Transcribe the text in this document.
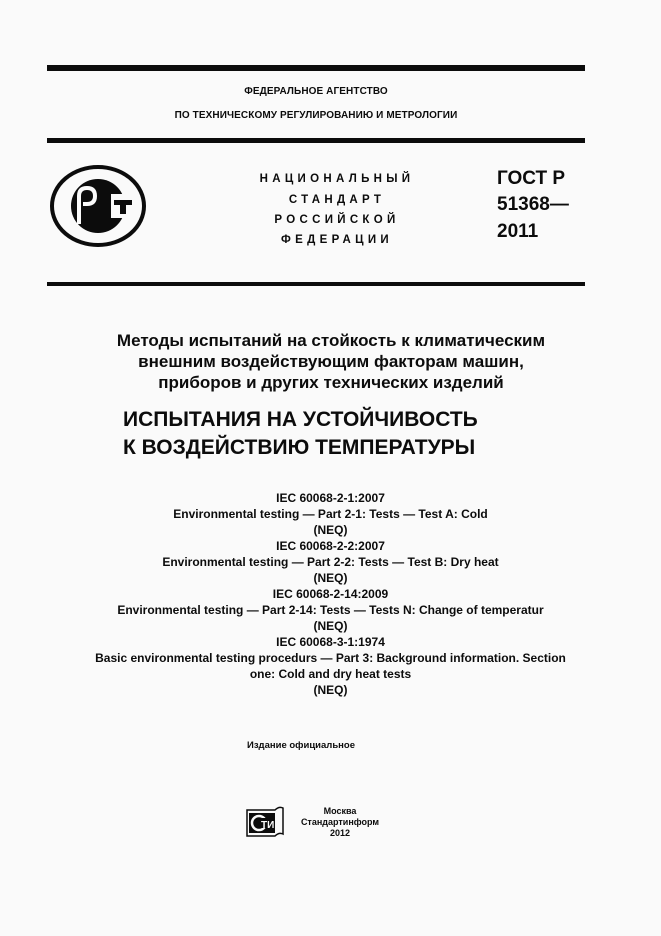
ФЕДЕРАЛЬНОЕ АГЕНТСТВО
ПО ТЕХНИЧЕСКОМУ РЕГУЛИРОВАНИЮ И МЕТРОЛОГИИ
НАЦИОНАЛЬНЫЙ
СТАНДАРТ
РОССИЙСКОЙ
ФЕДЕРАЦИИ
ГОСТ Р
51368—
2011
Методы испытаний на стойкость к климатическим
внешним воздействующим факторам машин,
приборов и других технических изделий
ИСПЫТАНИЯ НА УСТОЙЧИВОСТЬ
К ВОЗДЕЙСТВИЮ ТЕМПЕРАТУРЫ
IEC 60068-2-1:2007
Environmental testing — Part 2-1: Tests — Test A: Cold
(NEQ)
IEC 60068-2-2:2007
Environmental testing — Part 2-2: Tests — Test B: Dry heat
(NEQ)
IEC 60068-2-14:2009
Environmental testing — Part 2-14: Tests — Tests N: Change of temperatur
(NEQ)
IEC 60068-3-1:1974
Basic environmental testing procedurs — Part 3: Background information. Section
one: Cold and dry heat tests
(NEQ)
Издание официальное
ТИ
Москва
Стандартинформ
2012
